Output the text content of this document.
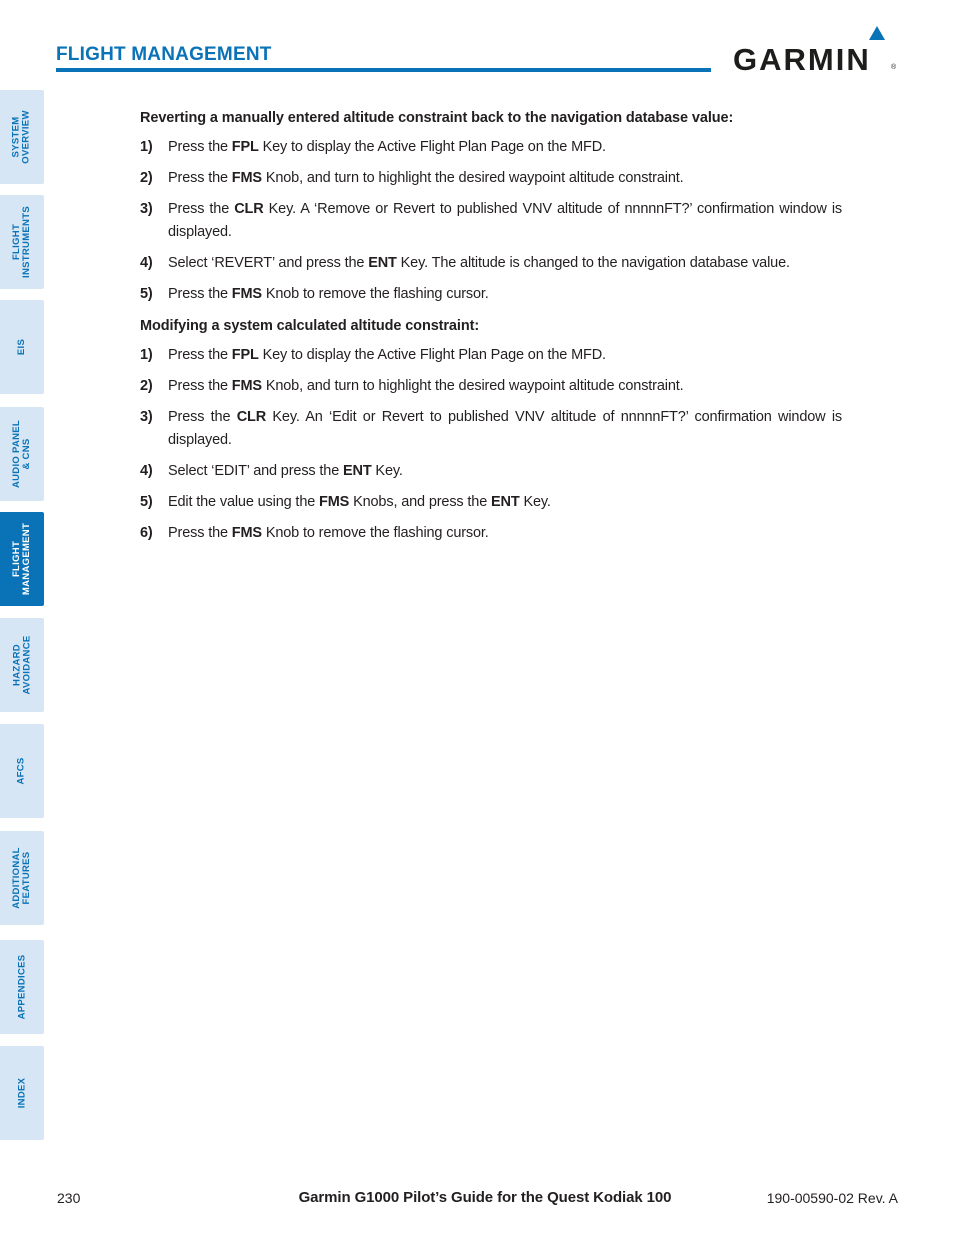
FLIGHT MANAGEMENT	GARMIN	®
SYSTEM
OVERVIEW
FLIGHT
INSTRUMENTS
EIS
AUDIO PANEL
& CNS
FLIGHT
MANAGEMENT
HAZARD
AVOIDANCE
AFCS
ADDITIONAL
FEATURES
APPENDICES
INDEX
Reverting a manually entered altitude constraint back to the navigation database value:
1) Press the FPL Key to display the Active Flight Plan Page on the MFD.
2) Press the FMS Knob, and turn to highlight the desired waypoint altitude constraint.
3) Press the CLR Key. A ‘Remove or Revert to published VNV altitude of nnnnnFT?’ confirmation window is displayed.
4) Select ‘REVERT’ and press the ENT Key. The altitude is changed to the navigation database value.
5) Press the FMS Knob to remove the flashing cursor.
Modifying a system calculated altitude constraint:
1) Press the FPL Key to display the Active Flight Plan Page on the MFD.
2) Press the FMS Knob, and turn to highlight the desired waypoint altitude constraint.
3) Press the CLR Key. An ‘Edit or Revert to published VNV altitude of nnnnnFT?’ confirmation window is displayed.
4) Select ‘EDIT’ and press the ENT Key.
5) Edit the value using the FMS Knobs, and press the ENT Key.
6) Press the FMS Knob to remove the flashing cursor.
230	Garmin G1000 Pilot’s Guide for the Quest Kodiak 100	190-00590-02 Rev. A
